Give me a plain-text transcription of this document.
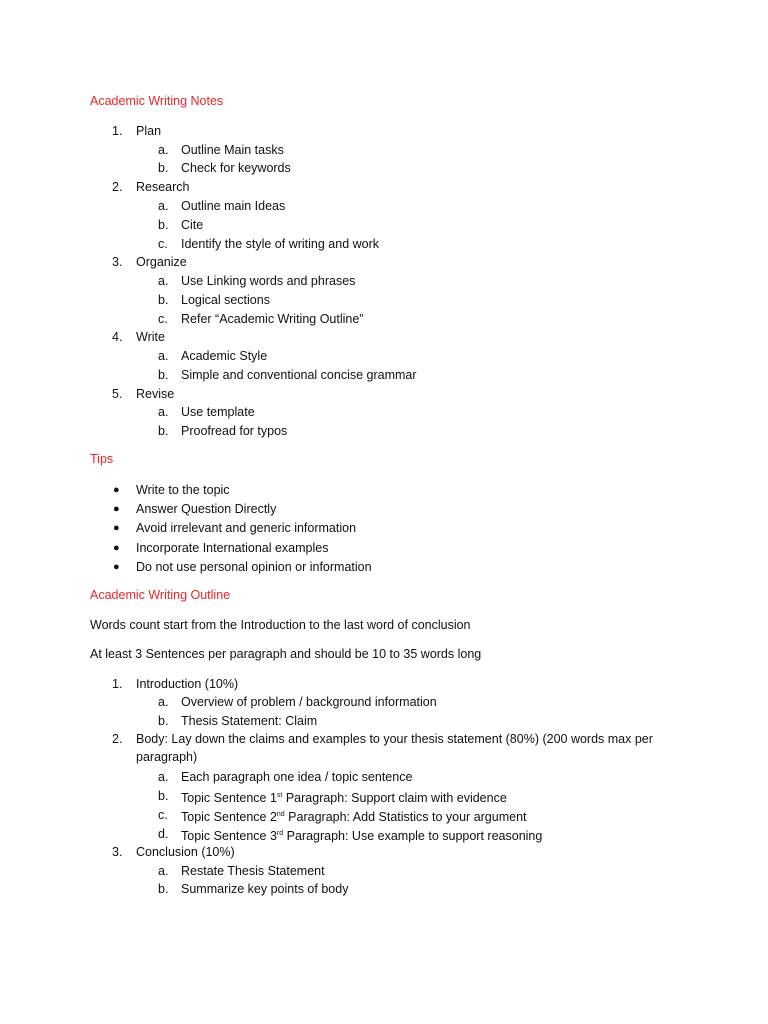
Academic Writing Notes
1.	Plan
a.	Outline Main tasks
b.	Check for keywords
2.	Research
a.	Outline main Ideas
b.	Cite
c.	Identify the style of writing and work
3.	Organize
a.	Use Linking words and phrases
b.	Logical sections
c.	Refer “Academic Writing Outline”
4.	Write
a.	Academic Style
b.	Simple and conventional concise grammar
5.	Revise
a.	Use template
b.	Proofread for typos
Tips
● Write to the topic
● Answer Question Directly
● Avoid irrelevant and generic information
● Incorporate International examples
● Do not use personal opinion or information
Academic Writing Outline
Words count start from the Introduction to the last word of conclusion
At least 3 Sentences per paragraph and should be 10 to 35 words long
1.	Introduction (10%)
a.	Overview of problem / background information
b.	Thesis Statement: Claim
2.	Body: Lay down the claims and examples to your thesis statement (80%) (200 words max per paragraph)
a.	Each paragraph one idea / topic sentence
b.	Topic Sentence 1st Paragraph: Support claim with evidence
c.	Topic Sentence 2nd Paragraph: Add Statistics to your argument
d.	Topic Sentence 3rd Paragraph: Use example to support reasoning
3.	Conclusion (10%)
a.	Restate Thesis Statement
b.	Summarize key points of body
